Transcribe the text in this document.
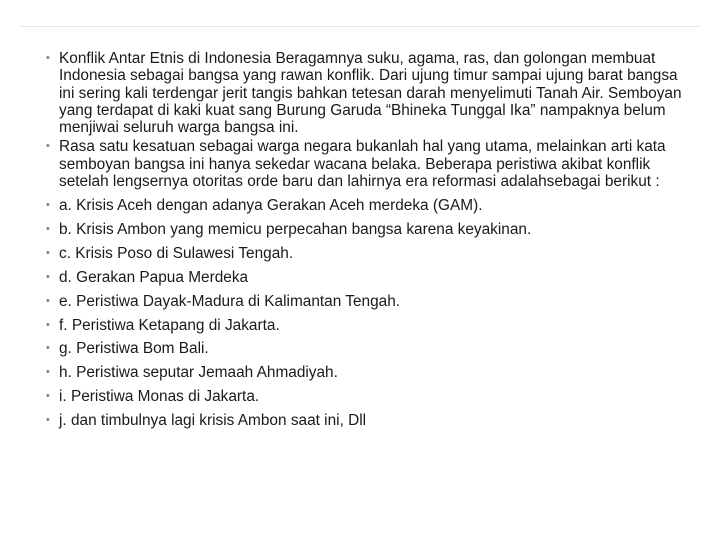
• Konflik Antar Etnis di Indonesia Beragamnya suku, agama, ras, dan golongan membuat Indonesia sebagai bangsa yang rawan konflik. Dari ujung timur sampai ujung barat bangsa ini sering kali terdengar jerit tangis bahkan tetesan darah menyelimuti Tanah Air. Semboyan yang terdapat di kaki kuat sang Burung Garuda “Bhineka Tunggal Ika” nampaknya belum menjiwai seluruh warga bangsa ini.
• Rasa satu kesatuan sebagai warga negara bukanlah hal yang utama, melainkan arti kata semboyan bangsa ini hanya sekedar wacana belaka. Beberapa peristiwa akibat konflik setelah lengsernya otoritas orde baru dan lahirnya era reformasi adalahsebagai berikut :
• a. Krisis Aceh dengan adanya Gerakan Aceh merdeka (GAM).
• b. Krisis Ambon yang memicu perpecahan bangsa karena keyakinan.
• c. Krisis Poso di Sulawesi Tengah.
• d. Gerakan Papua Merdeka
• e. Peristiwa Dayak-Madura di Kalimantan Tengah.
• f. Peristiwa Ketapang di Jakarta.
• g. Peristiwa Bom Bali.
• h. Peristiwa seputar Jemaah Ahmadiyah.
• i. Peristiwa Monas di Jakarta.
• j. dan timbulnya lagi krisis Ambon saat ini, Dll
